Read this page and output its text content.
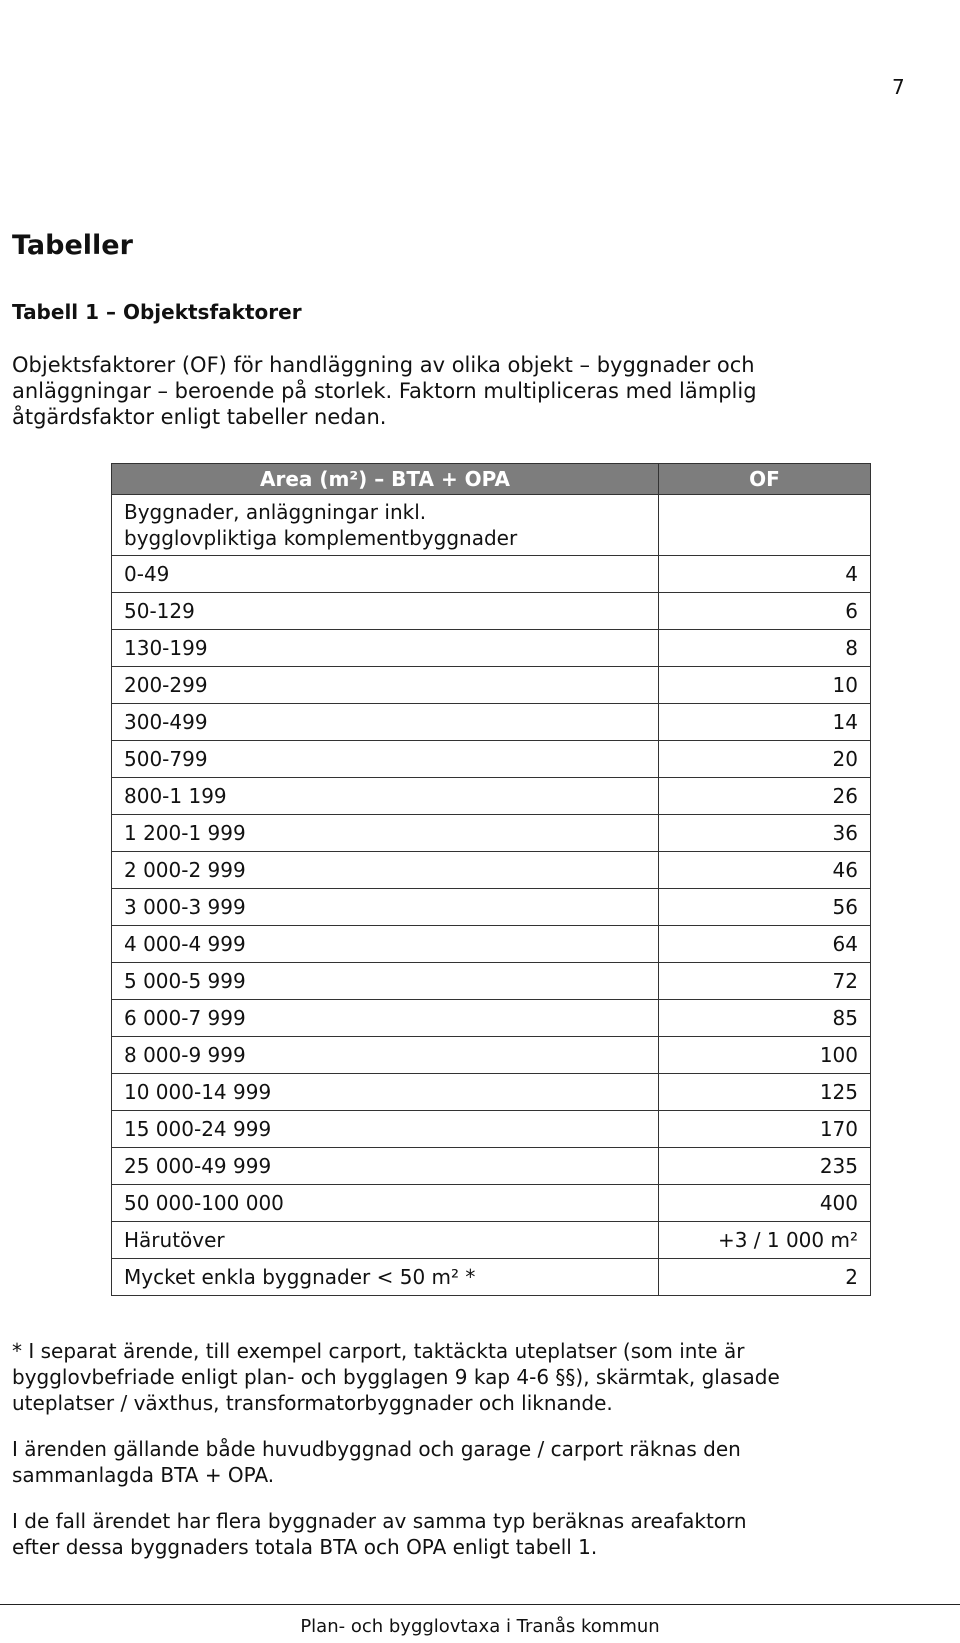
7
Tabeller
Tabell 1 – Objektsfaktorer

Objektsfaktorer (OF) för handläggning av olika objekt – byggnader och
anläggningar – beroende på storlek. Faktorn multipliceras med lämplig
åtgärdsfaktor enligt tabeller nedan.

Area (m²) – BTA + OPA	OF
Byggnader, anläggningar inkl.
bygglovpliktiga komplementbyggnader	
0-49	4
50-129	6
130-199	8
200-299	10
300-499	14
500-799	20
800-1 199	26
1 200-1 999	36
2 000-2 999	46
3 000-3 999	56
4 000-4 999	64
5 000-5 999	72
6 000-7 999	85
8 000-9 999	100
10 000-14 999	125
15 000-24 999	170
25 000-49 999	235
50 000-100 000	400
Härutöver	+3 / 1 000 m²
Mycket enkla byggnader < 50 m² *	2

* I separat ärende, till exempel carport, taktäckta uteplatser (som inte är
bygglovbefriade enligt plan- och bygglagen 9 kap 4-6 §§), skärmtak, glasade
uteplatser / växthus, transformatorbyggnader och liknande.

I ärenden gällande både huvudbyggnad och garage / carport räknas den
sammanlagda BTA + OPA.

I de fall ärendet har flera byggnader av samma typ beräknas areafaktorn
efter dessa byggnaders totala BTA och OPA enligt tabell 1.

Plan- och bygglovtaxa i Tranås kommun
